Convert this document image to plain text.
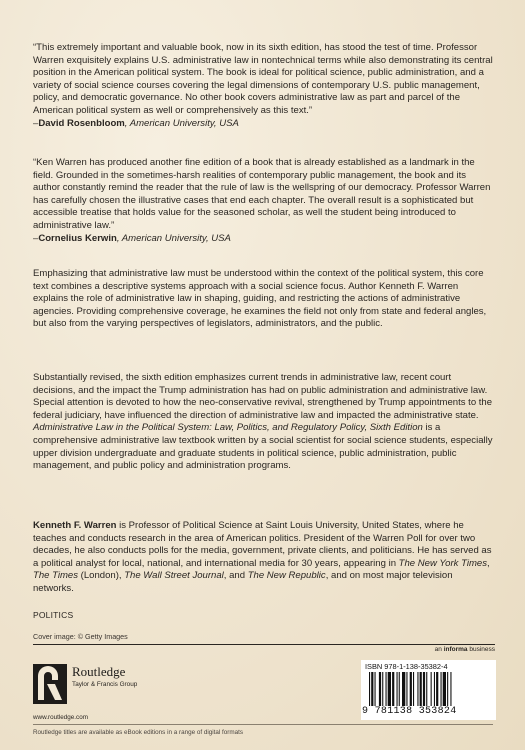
“This extremely important and valuable book, now in its sixth edition, has stood the test of time. Professor Warren exquisitely explains U.S. administrative law in nontechnical terms while also demonstrating its central position in the American political system. The book is ideal for political science, public administration, and a variety of social science courses covering the legal dimensions of contemporary U.S. public management, policy, and democratic governance. No other book covers administrative law as part and parcel of the American political system as well or comprehensively as this text.”
–David Rosenbloom, American University, USA

“Ken Warren has produced another fine edition of a book that is already established as a landmark in the field. Grounded in the sometimes-harsh realities of contemporary public management, the book and its author constantly remind the reader that the rule of law is the wellspring of our democracy. Professor Warren has carefully chosen the illustrative cases that end each chapter. The overall result is a sophisticated but accessible treatise that holds value for the seasoned scholar, as well the student being introduced to administrative law.”
–Cornelius Kerwin, American University, USA

Emphasizing that administrative law must be understood within the context of the political system, this core text combines a descriptive systems approach with a social science focus. Author Kenneth F. Warren explains the role of administrative law in shaping, guiding, and restricting the actions of administrative agencies. Providing comprehensive coverage, he examines the field not only from state and federal angles, but also from the varying perspectives of legislators, administrators, and the public.

Substantially revised, the sixth edition emphasizes current trends in administrative law, recent court decisions, and the impact the Trump administration has had on public administration and administrative law. Special attention is devoted to how the neo-conservative revival, strengthened by Trump appointments to the federal judiciary, have influenced the direction of administrative law and impacted the administrative state. Administrative Law in the Political System: Law, Politics, and Regulatory Policy, Sixth Edition is a comprehensive administrative law textbook written by a social scientist for social science students, especially upper division undergraduate and graduate students in political science, public administration, public management, and public policy and administration programs.

Kenneth F. Warren is Professor of Political Science at Saint Louis University, United States, where he teaches and conducts research in the area of American politics. President of the Warren Poll for over two decades, he also conducts polls for the media, government, private clients, and politicians. He has served as a political analyst for local, national, and international media for 30 years, appearing in The New York Times, The Times (London), The Wall Street Journal, and The New Republic, and on most major television networks.

POLITICS
Cover image: © Getty Images
an informa business
Routledge
Taylor & Francis Group
www.routledge.com
Routledge titles are available as eBook editions in a range of digital formats
ISBN 978-1-138-35382-4
9 781138 353824
